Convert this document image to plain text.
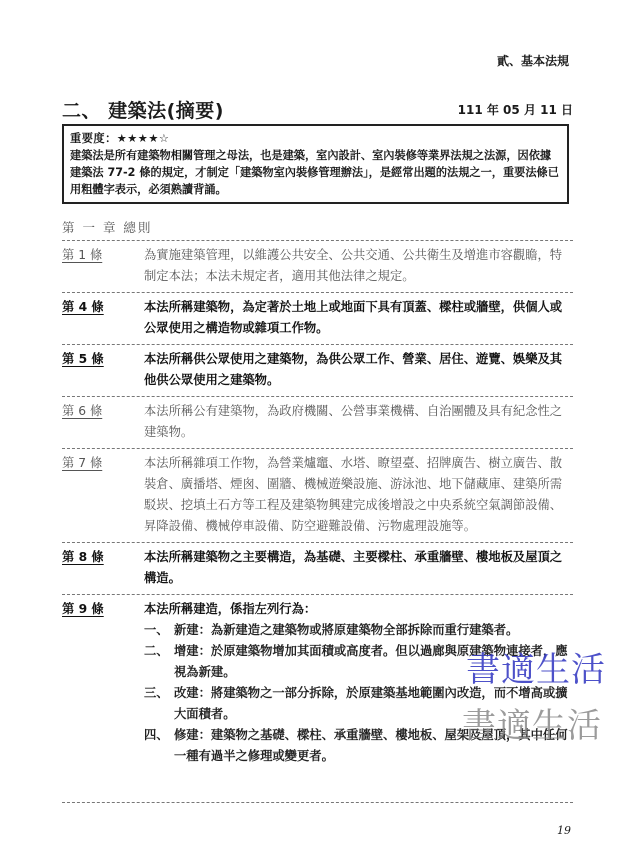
貳、基本法規
二、 建築法(摘要)	111 年 05 月 11 日
重要度：★★★★☆
建築法是所有建築物相關管理之母法，也是建築，室內設計、室內裝修等業界法規之法源，因依據建築法 77-2 條的規定，才制定「建築物室內裝修管理辦法」，是經常出題的法規之一，重要法條已用粗體字表示，必須熟讀背誦。
第 一 章 總則
第 1 條	為實施建築管理，以維護公共安全、公共交通、公共衛生及增進市容觀瞻，特制定本法；本法未規定者，適用其他法律之規定。
第 4 條	本法所稱建築物，為定著於土地上或地面下具有頂蓋、樑柱或牆壁，供個人或公眾使用之構造物或雜項工作物。
第 5 條	本法所稱供公眾使用之建築物，為供公眾工作、營業、居住、遊覽、娛樂及其他供公眾使用之建築物。
第 6 條	本法所稱公有建築物，為政府機關、公營事業機構、自治團體及具有紀念性之建築物。
第 7 條	本法所稱雜項工作物，為營業爐竈、水塔、瞭望臺、招牌廣告、樹立廣告、散裝倉、廣播塔、煙囪、圍牆、機械遊樂設施、游泳池、地下儲藏庫、建築所需駁崁、挖填土石方等工程及建築物興建完成後增設之中央系統空氣調節設備、昇降設備、機械停車設備、防空避難設備、污物處理設施等。
第 8 條	本法所稱建築物之主要構造，為基礎、主要樑柱、承重牆壁、樓地板及屋頂之構造。
第 9 條	本法所稱建造，係指左列行為：
一、 新建：為新建造之建築物或將原建築物全部拆除而重行建築者。
二、 增建：於原建築物增加其面積或高度者。但以過廊與原建築物連接者，應視為新建。
三、 改建：將建築物之一部分拆除，於原建築基地範圍內改造，而不增高或擴大面積者。
四、 修建：建築物之基礎、樑柱、承重牆壁、樓地板、屋架及屋頂，其中任何一種有過半之修理或變更者。
書適生活
書適生活
19
